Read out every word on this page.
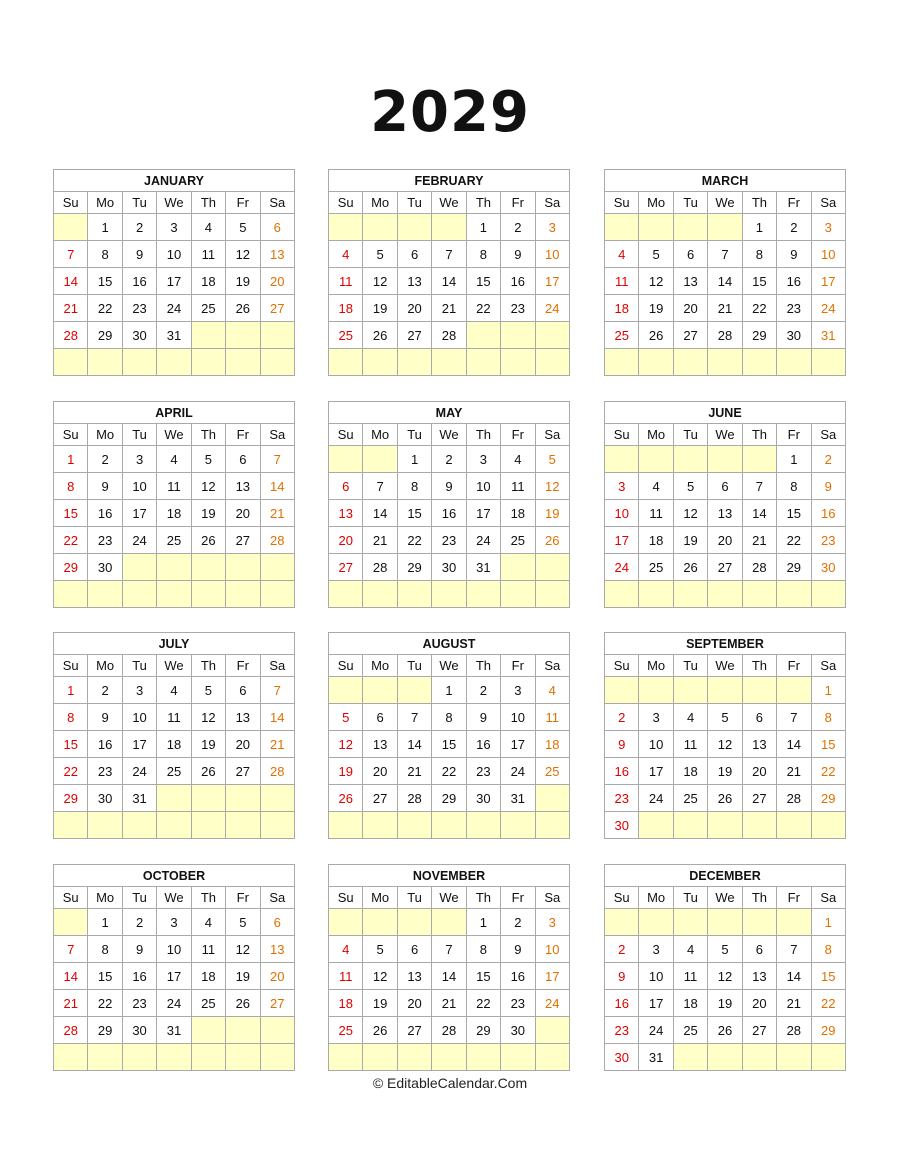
2029
JANUARY						
Su	Mo	Tu	We	Th	Fr	Sa
	1	2	3	4	5	6
7	8	9	10	11	12	13
14	15	16	17	18	19	20
21	22	23	24	25	26	27
28	29	30	31			

FEBRUARY						
Su	Mo	Tu	We	Th	Fr	Sa
				1	2	3
4	5	6	7	8	9	10
11	12	13	14	15	16	17
18	19	20	21	22	23	24
25	26	27	28			

MARCH						
Su	Mo	Tu	We	Th	Fr	Sa
				1	2	3
4	5	6	7	8	9	10
11	12	13	14	15	16	17
18	19	20	21	22	23	24
25	26	27	28	29	30	31

APRIL						
Su	Mo	Tu	We	Th	Fr	Sa
1	2	3	4	5	6	7
8	9	10	11	12	13	14
15	16	17	18	19	20	21
22	23	24	25	26	27	28
29	30					

MAY						
Su	Mo	Tu	We	Th	Fr	Sa
		1	2	3	4	5
6	7	8	9	10	11	12
13	14	15	16	17	18	19
20	21	22	23	24	25	26
27	28	29	30	31		

JUNE						
Su	Mo	Tu	We	Th	Fr	Sa
					1	2
3	4	5	6	7	8	9
10	11	12	13	14	15	16
17	18	19	20	21	22	23
24	25	26	27	28	29	30

JULY						
Su	Mo	Tu	We	Th	Fr	Sa
1	2	3	4	5	6	7
8	9	10	11	12	13	14
15	16	17	18	19	20	21
22	23	24	25	26	27	28
29	30	31				

AUGUST						
Su	Mo	Tu	We	Th	Fr	Sa
			1	2	3	4
5	6	7	8	9	10	11
12	13	14	15	16	17	18
19	20	21	22	23	24	25
26	27	28	29	30	31	

SEPTEMBER						
Su	Mo	Tu	We	Th	Fr	Sa
						1
2	3	4	5	6	7	8
9	10	11	12	13	14	15
16	17	18	19	20	21	22
23	24	25	26	27	28	29
30						
OCTOBER						
Su	Mo	Tu	We	Th	Fr	Sa
	1	2	3	4	5	6
7	8	9	10	11	12	13
14	15	16	17	18	19	20
21	22	23	24	25	26	27
28	29	30	31			

NOVEMBER						
Su	Mo	Tu	We	Th	Fr	Sa
				1	2	3
4	5	6	7	8	9	10
11	12	13	14	15	16	17
18	19	20	21	22	23	24
25	26	27	28	29	30	

DECEMBER						
Su	Mo	Tu	We	Th	Fr	Sa
						1
2	3	4	5	6	7	8
9	10	11	12	13	14	15
16	17	18	19	20	21	22
23	24	25	26	27	28	29
30	31					
© EditableCalendar.Com
